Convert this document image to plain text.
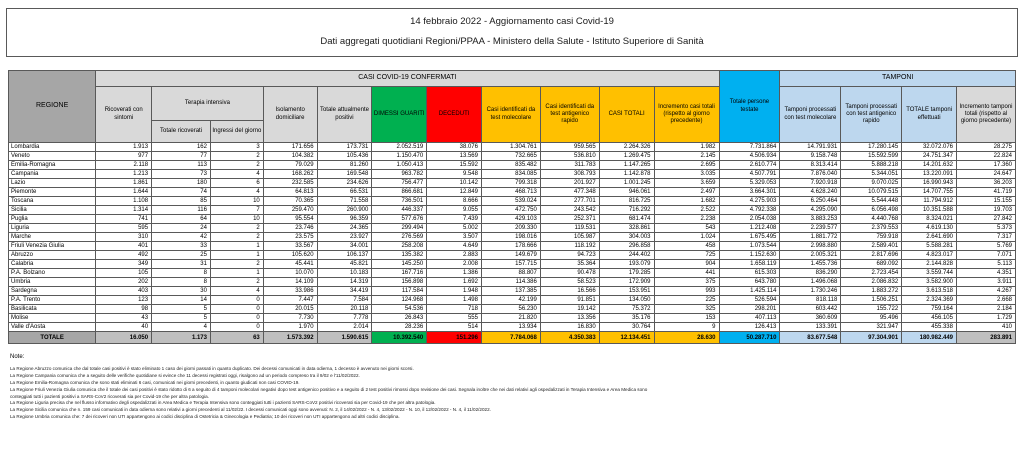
14 febbraio 2022 - Aggiornamento casi Covid-19
Dati aggregati quotidiani Regioni/PPAA - Ministero della Salute - Istituto Superiore di Sanità
REGIONE	CASI COVID-19 CONFERMATI											Totale persone testate	TAMPONI			
	Ricoverati con sintomi	Terapia intensiva		Isolamento domiciliare	Totale attualmente positivi	DIMESSI GUARITI	DECEDUTI	Casi identificati da test molecolare	Casi identificati da test antigenico rapido	CASI TOTALI	Incremento casi totali (rispetto al giorno precedente)		Tamponi processati con test molecolare	Tamponi processati con test antigenico rapido	TOTALE tamponi effettuati	Incremento tamponi totali (rispetto al giorno precedente)
		Totale ricoverati	Ingressi del giorno													
Lombardia	1.913	162	3	171.656	173.731	2.052.519	38.076	1.304.761	959.565	2.264.326	1.982	7.731.864	14.791.931	17.280.145	32.072.076	28.275
Veneto	977	77	2	104.382	105.436	1.150.470	13.569	732.665	536.810	1.269.475	2.145	4.506.934	9.158.748	15.592.599	24.751.347	22.824
Emilia-Romagna	2.118	113	2	79.029	81.260	1.050.413	15.592	835.482	311.783	1.147.265	2.695	2.610.774	8.313.414	5.888.218	14.201.632	17.360
Campania	1.213	73	4	168.262	169.548	963.782	9.548	834.085	308.793	1.142.878	3.035	4.507.791	7.876.040	5.344.051	13.220.091	24.647
Lazio	1.861	180	6	232.585	234.626	756.477	10.142	799.318	201.927	1.001.245	3.659	5.329.053	7.920.918	9.070.025	16.990.943	36.203
Piemonte	1.644	74	4	64.813	66.531	866.681	12.849	468.713	477.348	946.061	2.497	3.664.301	4.628.240	10.079.515	14.707.755	41.719
Toscana	1.108	85	10	70.365	71.558	736.501	8.666	539.024	277.701	816.725	1.682	4.275.903	6.250.464	5.544.448	11.794.912	15.155
Sicilia	1.314	116	7	259.470	260.900	446.337	9.055	472.750	243.542	716.292	2.522	4.792.338	4.295.090	6.056.498	10.351.588	19.703
Puglia	741	64	10	95.554	96.359	577.676	7.439	429.103	252.371	681.474	2.238	2.054.038	3.883.253	4.440.768	8.324.021	27.842
Liguria	595	24	2	23.746	24.365	299.494	5.002	209.330	119.531	328.861	543	1.212.408	2.239.577	2.379.553	4.619.130	5.373
Marche	310	42	2	23.575	23.927	276.569	3.507	198.016	105.987	304.003	1.024	1.675.495	1.881.772	759.918	2.641.690	7.317
Friuli Venezia Giulia	401	33	1	33.567	34.001	258.208	4.649	178.666	118.192	296.858	458	1.073.544	2.998.880	2.589.401	5.588.281	5.769
Abruzzo	492	25	1	105.620	106.137	135.382	2.883	149.679	94.723	244.402	725	1.152.630	2.005.321	2.817.696	4.823.017	7.071
Calabria	349	31	2	45.441	45.821	145.250	2.008	157.715	35.364	193.079	904	1.658.119	1.455.736	689.092	2.144.828	5.113
P.A. Bolzano	105	8	1	10.070	10.183	167.716	1.386	88.807	90.478	179.285	441	615.303	836.290	2.723.454	3.559.744	4.351
Umbria	202	8	2	14.109	14.319	156.898	1.692	114.386	58.523	172.909	375	643.780	1.496.068	2.086.832	3.582.900	3.911
Sardegna	403	30	4	33.986	34.419	117.584	1.948	137.385	16.566	153.951	993	1.425.114	1.730.246	1.883.272	3.613.518	4.267
P.A. Trento	123	14	0	7.447	7.584	124.968	1.498	42.199	91.851	134.050	225	526.594	818.118	1.506.251	2.324.369	2.668
Basilicata	98	5	0	20.015	20.118	54.536	718	56.230	19.142	75.372	325	298.201	603.442	155.722	759.164	2.184
Molise	43	5	0	7.730	7.778	26.843	555	21.820	13.356	35.176	153	407.113	360.609	95.496	456.105	1.729
Valle d'Aosta	40	4	0	1.970	2.014	28.236	514	13.934	16.830	30.764	9	126.413	133.391	321.947	455.338	410
TOTALE	16.050	1.173	63	1.573.392	1.590.615	10.392.540	151.296	7.784.068	4.350.383	12.134.451	28.630	50.287.710	83.677.548	97.304.901	180.982.449	283.891
Note:
La Regione Abruzzo comunica che dal totale casi positivi è stato eliminato 1 caso dei giorni passati in quanto duplicato. Dei decessi comunicati in data odierna, 1 decesso è avvenuto nei giorni scorsi.
La Regione Campania comunica che a seguito delle verifiche quotidiane si evince che 11 decessi registrati oggi, risalgono ad un periodo compreso tra il 9/02 e l'11/02/2022.
La Regione Emilia-Romagna comunica che sono stati eliminati 6 casi, comunicati nei giorni precedenti, in quanto giudicati non casi COVID-19.
La Regione Friuli Venezia Giulia comunica che il totale dei casi positivi è stato ridotto di 6 a seguito di 4 tamponi molecolari negativi dopo test antigenico positivo e a seguito di 2 test positivi rimossi dopo revisione dei casi. Segnala inoltre che nei dati relativi agli ospedalizzati in Terapia Intensiva e Area Medica sono conteggiati tutti i pazienti positivi a SARS-CoV2 ricoverati sia per Covid-19 che per altra patologia.
La Regione Liguria precisa che nel flusso informativo degli ospedalizzati in Area Medica e Terapia Intensiva sono conteggiati tutti i pazienti SARS-CoV2 positivi ricoverati sia per Covid-19 che per altra patologia.
La Regione Sicilia comunica che n. 159 casi comunicati in data odierna sono relativi a giorni precedenti al 11/02/22. I decessi comunicati oggi sono avvenuti: N. 2, il 14/02/2022 - N. 4, 13/02/2022 - N. 10, il 12/02/2022 - N. 4, il 11/02/2022.
La Regione Umbria comunica che: 7 dei ricoveri non UTI appartengono ai codici disciplina di Ostetricia & Ginecologia e Pediatria; 10 dei ricoveri non UTI appartengono ad altri codici disciplina.
